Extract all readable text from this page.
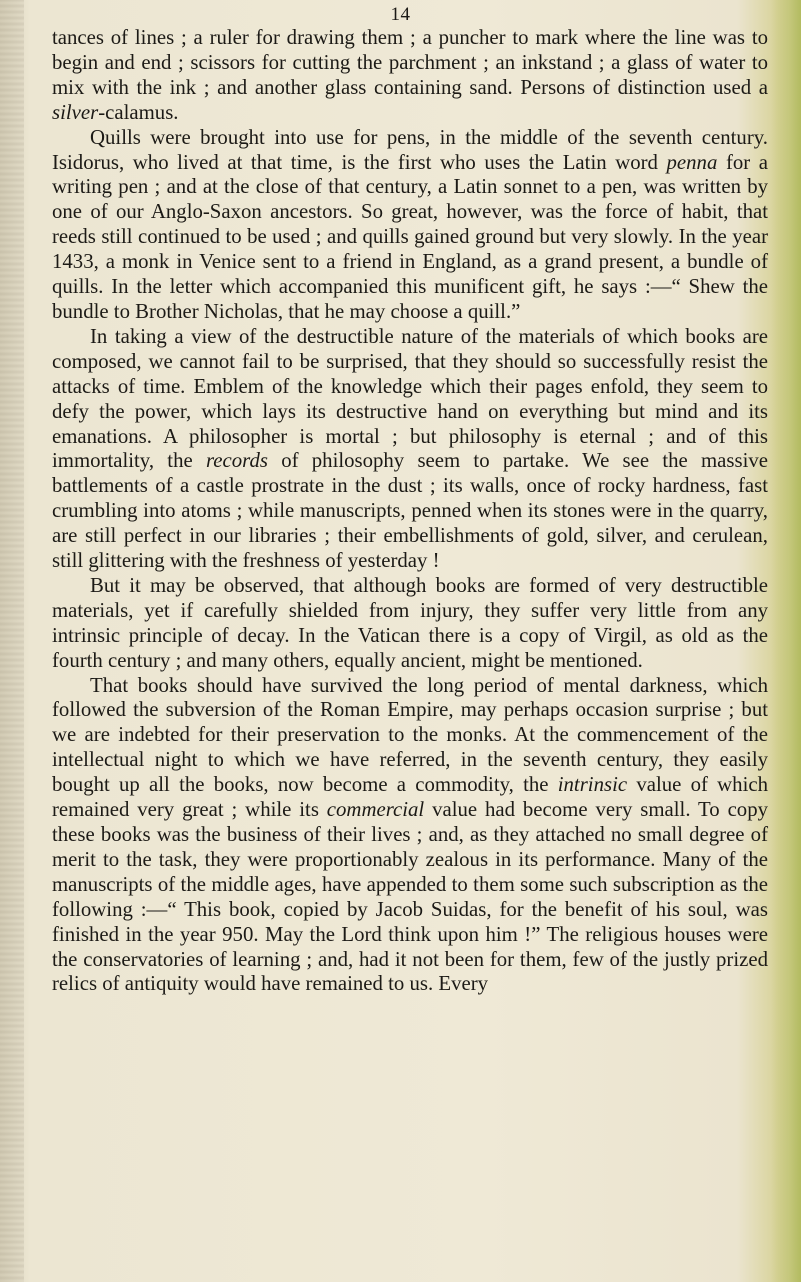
14

tances of lines ; a ruler for drawing them ; a puncher to mark where the line was to begin and end ; scissors for cutting the parchment ; an inkstand ; a glass of water to mix with the ink ; and another glass containing sand. Persons of distinction used a silver-calamus.

Quills were brought into use for pens, in the middle of the seventh century. Isidorus, who lived at that time, is the first who uses the Latin word penna for a writing pen ; and at the close of that century, a Latin sonnet to a pen, was written by one of our Anglo-Saxon ancestors. So great, however, was the force of habit, that reeds still continued to be used ; and quills gained ground but very slowly. In the year 1433, a monk in Venice sent to a friend in England, as a grand present, a bundle of quills. In the letter which accompanied this munificent gift, he says :—“ Shew the bundle to Brother Nicholas, that he may choose a quill.”

In taking a view of the destructible nature of the materials of which books are composed, we cannot fail to be surprised, that they should so successfully resist the attacks of time. Emblem of the knowledge which their pages enfold, they seem to defy the power, which lays its destructive hand on everything but mind and its emanations. A philosopher is mortal ; but philosophy is eternal ; and of this immortality, the records of philosophy seem to partake. We see the massive battlements of a castle prostrate in the dust ; its walls, once of rocky hardness, fast crumbling into atoms ; while manuscripts, penned when its stones were in the quarry, are still perfect in our libraries ; their embellishments of gold, silver, and cerulean, still glittering with the freshness of yesterday !

But it may be observed, that although books are formed of very destructible materials, yet if carefully shielded from injury, they suffer very little from any intrinsic principle of decay. In the Vatican there is a copy of Virgil, as old as the fourth century ; and many others, equally ancient, might be mentioned.

That books should have survived the long period of mental darkness, which followed the subversion of the Roman Empire, may perhaps occasion surprise ; but we are indebted for their preservation to the monks. At the commencement of the intellectual night to which we have referred, in the seventh century, they easily bought up all the books, now become a commodity, the intrinsic value of which remained very great ; while its commercial value had become very small. To copy these books was the business of their lives ; and, as they attached no small degree of merit to the task, they were proportionably zealous in its performance. Many of the manuscripts of the middle ages, have appended to them some such subscription as the following :—“ This book, copied by Jacob Suidas, for the benefit of his soul, was finished in the year 950. May the Lord think upon him !” The religious houses were the conservatories of learning ; and, had it not been for them, few of the justly prized relics of antiquity would have remained to us. Every
